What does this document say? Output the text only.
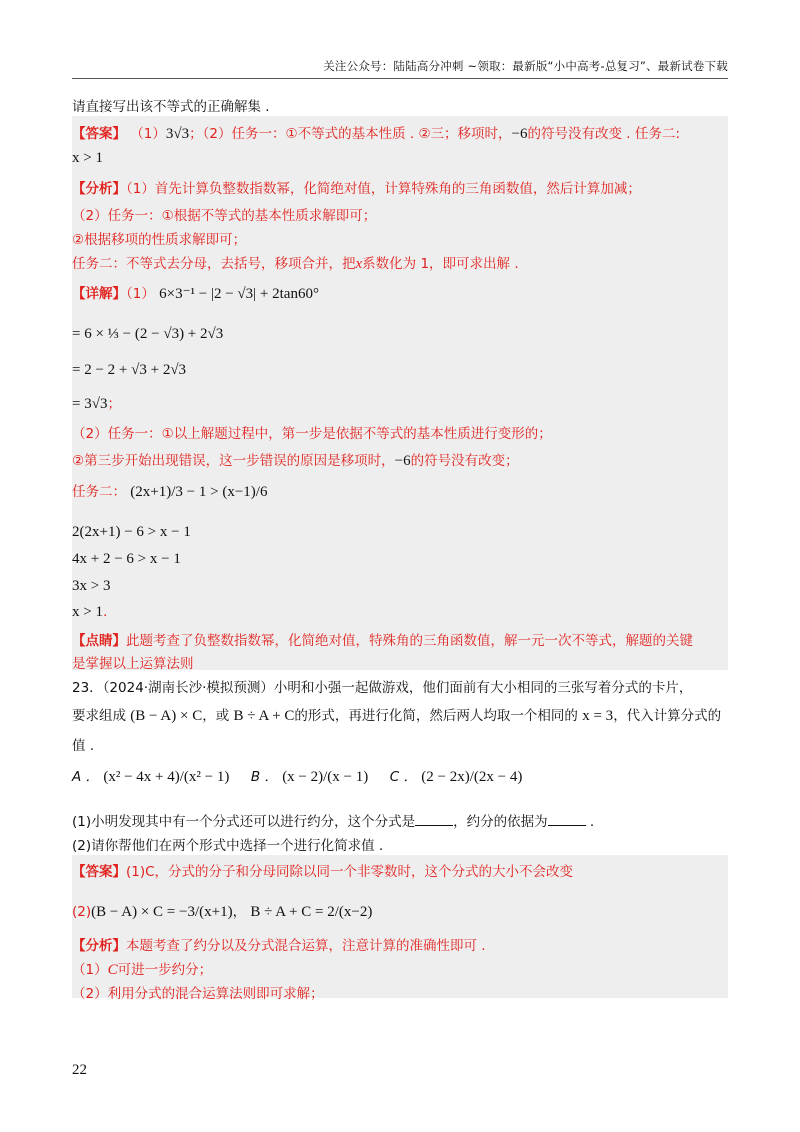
关注公众号：陆陆高分冲刺 ~领取：最新版“小中高考-总复习”、最新试卷下载
请直接写出该不等式的正确解集 .
【答案】 （1）3√3；（2）任务一：①不等式的基本性质 . ②三；移项时，−6的符号没有改变 . 任务二:
x > 1
【分析】（1）首先计算负整数指数幂，化简绝对值，计算特殊角的三角函数值，然后计算加减；
（2）任务一：①根据不等式的基本性质求解即可；
②根据移项的性质求解即可；
任务二：不等式去分母，去括号，移项合并，把x系数化为 1，即可求出解 .
【详解】（1） 6×3⁻¹ − |2 − √3| + 2tan60°
= 6 × ⅓ − (2 − √3) + 2√3
= 2 − 2 + √3 + 2√3
= 3√3；
（2）任务一：①以上解题过程中，第一步是依据不等式的基本性质进行变形的；
②第三步开始出现错误，这一步错误的原因是移项时，−6的符号没有改变；
任务二： (2x+1)/3 − 1 > (x−1)/6
2(2x+1) − 6 > x − 1
4x + 2 − 6 > x − 1
3x > 3
x > 1.
【点睛】此题考查了负整数指数幂，化简绝对值，特殊角的三角函数值，解一元一次不等式，解题的关键
是掌握以上运算法则
23．（2024·湖南长沙·模拟预测）小明和小强一起做游戏，他们面前有大小相同的三张写着分式的卡片，
要求组成 (B − A) × C，或 B ÷ A + C的形式，再进行化简，然后两人均取一个相同的 x = 3，代入计算分式的
值 .
A ． (x² − 4x + 4)/(x² − 1) B ． (x − 2)/(x − 1) C ． (2 − 2x)/(2x − 4)
(1)小明发现其中有一个分式还可以进行约分，这个分式是	，约分的依据为	.
(2)请你帮他们在两个形式中选择一个进行化简求值 .
【答案】(1)C，分式的分子和分母同除以同一个非零数时，这个分式的大小不会改变
(2)(B − A) × C = −3/(x+1)， B ÷ A + C = 2/(x−2)
【分析】本题考查了约分以及分式混合运算，注意计算的准确性即可 .
（1）C可进一步约分；
（2）利用分式的混合运算法则即可求解；
22
